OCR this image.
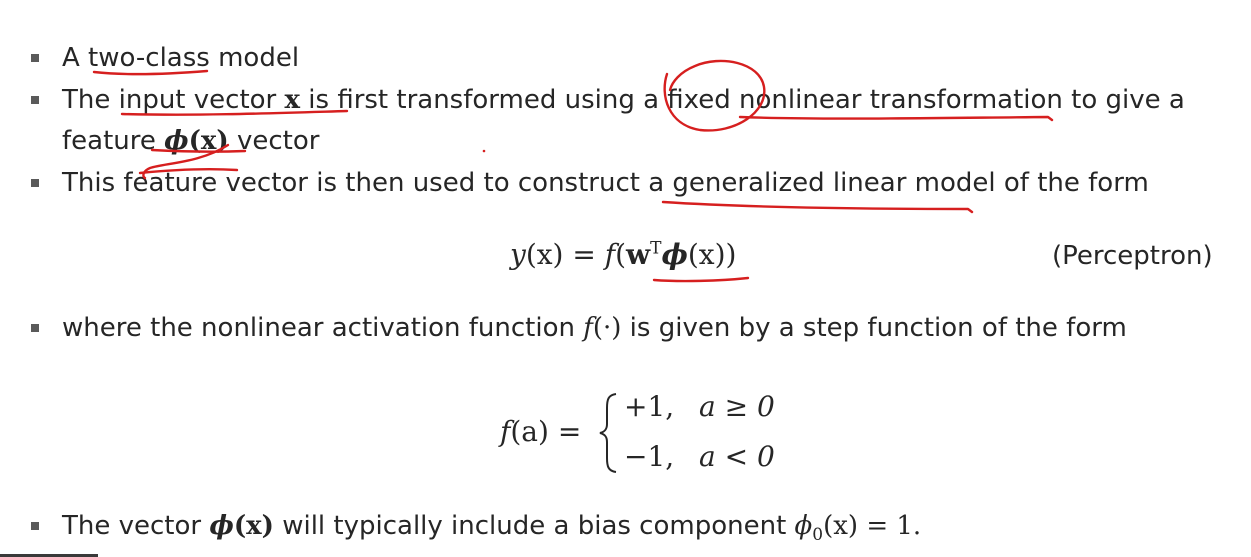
A two-class model
The input vector x is first transformed using a fixed nonlinear transformation to give a
feature ϕ(x) vector
This feature vector is then used to construct a generalized linear model of the form
$y(x) = f(w^T\phi(x))$	(Perceptron)
where the nonlinear activation function f(·) is given by a step function of the form
f(a) =
+1, a ≥ 0
−1, a < 0
The vector ϕ(x) will typically include a bias component $\phi_0(x) = 1$.
